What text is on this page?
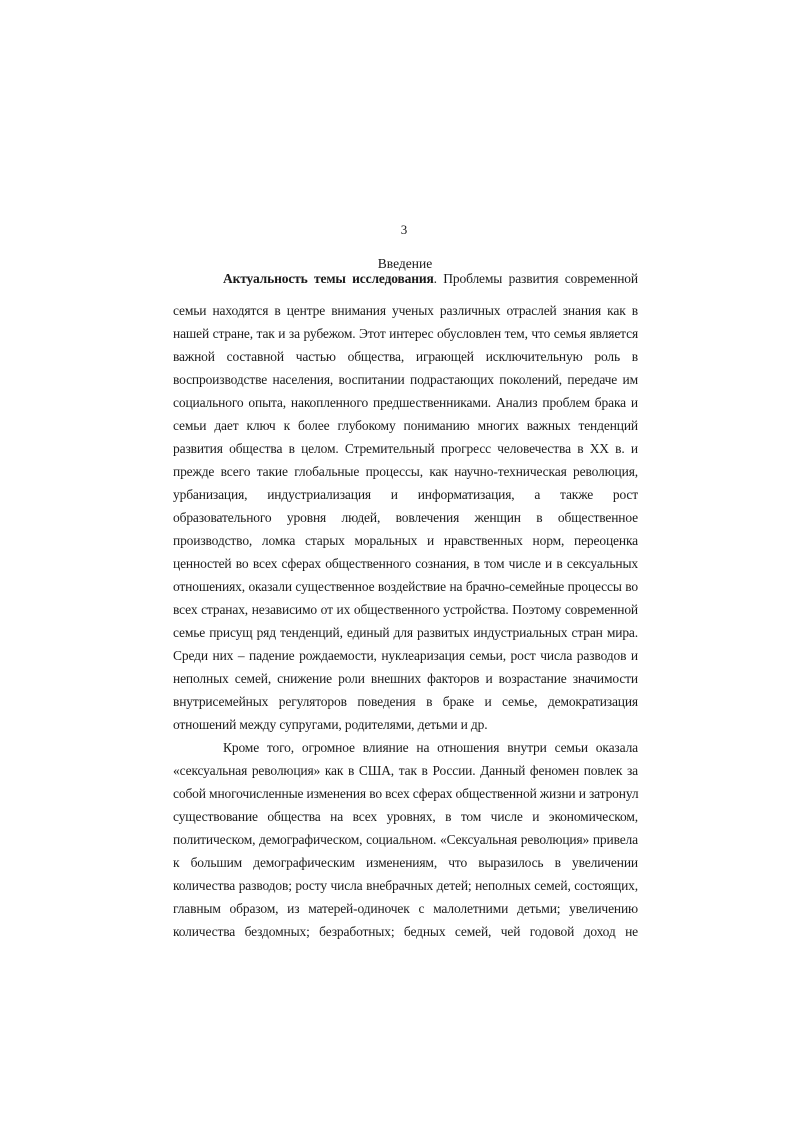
3
Введение
Актуальность темы исследования. Проблемы развития современной
семьи находятся в центре внимания ученых различных отраслей знания как в
нашей стране, так и за рубежом. Этот интерес обусловлен тем, что семья является
важной составной частью общества, играющей исключительную роль в
воспроизводстве населения, воспитании подрастающих поколений, передаче им
социального опыта, накопленного предшественниками. Анализ проблем брака и
семьи дает ключ к более глубокому пониманию многих важных тенденций
развития общества в целом. Стремительный прогресс человечества в XX в. и
прежде всего такие глобальные процессы, как научно-техническая революция,
урбанизация, индустриализация и информатизация, а также рост
образовательного уровня людей, вовлечения женщин в общественное
производство, ломка старых моральных и нравственных норм, переоценка
ценностей во всех сферах общественного сознания, в том числе и в сексуальных
отношениях, оказали существенное воздействие на брачно-семейные процессы во
всех странах, независимо от их общественного устройства. Поэтому современной
семье присущ ряд тенденций, единый для развитых индустриальных стран мира.
Среди них – падение рождаемости, нуклеаризация семьи, рост числа разводов и
неполных семей, снижение роли внешних факторов и возрастание значимости
внутрисемейных регуляторов поведения в браке и семье, демократизация
отношений между супругами, родителями, детьми и др.
Кроме того, огромное влияние на отношения внутри семьи оказала
«сексуальная революция» как в США, так в России. Данный феномен повлек за
собой многочисленные изменения во всех сферах общественной жизни и затронул
существование общества на всех уровнях, в том числе и экономическом,
политическом, демографическом, социальном. «Сексуальная революция» привела
к большим демографическим изменениям, что выразилось в увеличении
количества разводов; росту числа внебрачных детей; неполных семей, состоящих,
главным образом, из матерей-одиночек с малолетними детьми; увеличению
количества бездомных; безработных; бедных семей, чей годовой доход не
